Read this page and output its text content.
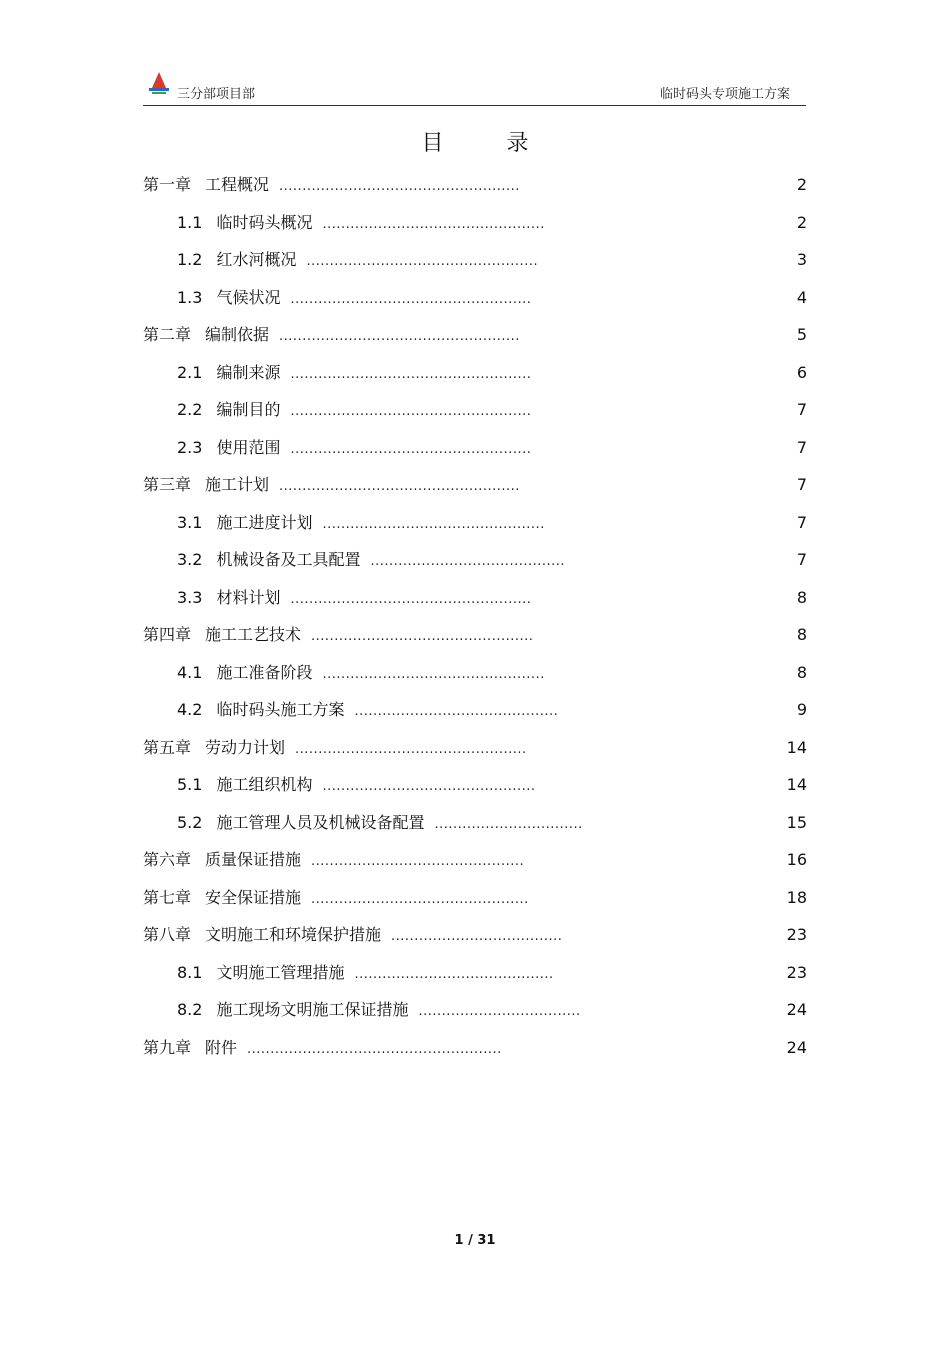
三分部项目部	临时码头专项施工方案
目 录
第一章 工程概况 ....................................................	2
1.1 临时码头概况 ................................................	2
1.2 红水河概况 ..................................................	3
1.3 气候状况 ....................................................	4
第二章 编制依据 ....................................................	5
2.1 编制来源 ....................................................	6
2.2 编制目的 ....................................................	7
2.3 使用范围 ....................................................	7
第三章 施工计划 ....................................................	7
3.1 施工进度计划 ................................................	7
3.2 机械设备及工具配置 ..........................................	7
3.3 材料计划 ....................................................	8
第四章 施工工艺技术 ................................................	8
4.1 施工准备阶段 ................................................	8
4.2 临时码头施工方案 ............................................	9
第五章 劳动力计划 ..................................................	14
5.1 施工组织机构 ..............................................	14
5.2 施工管理人员及机械设备配置 ................................	15
第六章 质量保证措施 ..............................................	16
第七章 安全保证措施 ...............................................	18
第八章 文明施工和环境保护措施 .....................................	23
8.1 文明施工管理措施 ...........................................	23
8.2 施工现场文明施工保证措施 ...................................	24
第九章 附件 .......................................................	24
1 / 31
